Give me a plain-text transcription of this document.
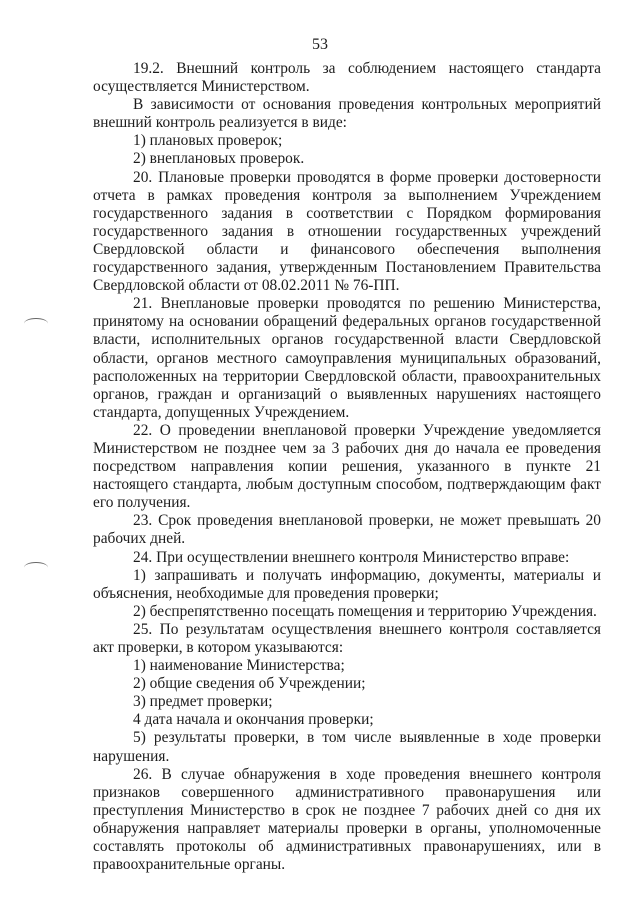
53

19.2. Внешний контроль за соблюдением настоящего стандарта осуществляется Министерством.

В зависимости от основания проведения контрольных мероприятий внешний контроль реализуется в виде:

1) плановых проверок;

2) внеплановых проверок.

20. Плановые проверки проводятся в форме проверки достоверности отчета в рамках проведения контроля за выполнением Учреждением государственного задания в соответствии с Порядком формирования государственного задания в отношении государственных учреждений Свердловской области и финансового обеспечения выполнения государственного задания, утвержденным Постановлением Правительства Свердловской области от 08.02.2011 № 76-ПП.

21. Внеплановые проверки проводятся по решению Министерства, принятому на основании обращений федеральных органов государственной власти, исполнительных органов государственной власти Свердловской области, органов местного самоуправления муниципальных образований, расположенных на территории Свердловской области, правоохранительных органов, граждан и организаций о выявленных нарушениях настоящего стандарта, допущенных Учреждением.

22. О проведении внеплановой проверки Учреждение уведомляется Министерством не позднее чем за 3 рабочих дня до начала ее проведения посредством направления копии решения, указанного в пункте 21 настоящего стандарта, любым доступным способом, подтверждающим факт его получения.

23. Срок проведения внеплановой проверки, не может превышать 20 рабочих дней.

24. При осуществлении внешнего контроля Министерство вправе:

1) запрашивать и получать информацию, документы, материалы и объяснения, необходимые для проведения проверки;

2) беспрепятственно посещать помещения и территорию Учреждения.

25. По результатам осуществления внешнего контроля составляется акт проверки, в котором указываются:

1) наименование Министерства;

2) общие сведения об Учреждении;

3) предмет проверки;

4 дата начала и окончания проверки;

5) результаты проверки, в том числе выявленные в ходе проверки нарушения.

26. В случае обнаружения в ходе проведения внешнего контроля признаков совершенного административного правонарушения или преступления Министерство в срок не позднее 7 рабочих дней со дня их обнаружения направляет материалы проверки в органы, уполномоченные составлять протоколы об административных правонарушениях, или в правоохранительные органы.
